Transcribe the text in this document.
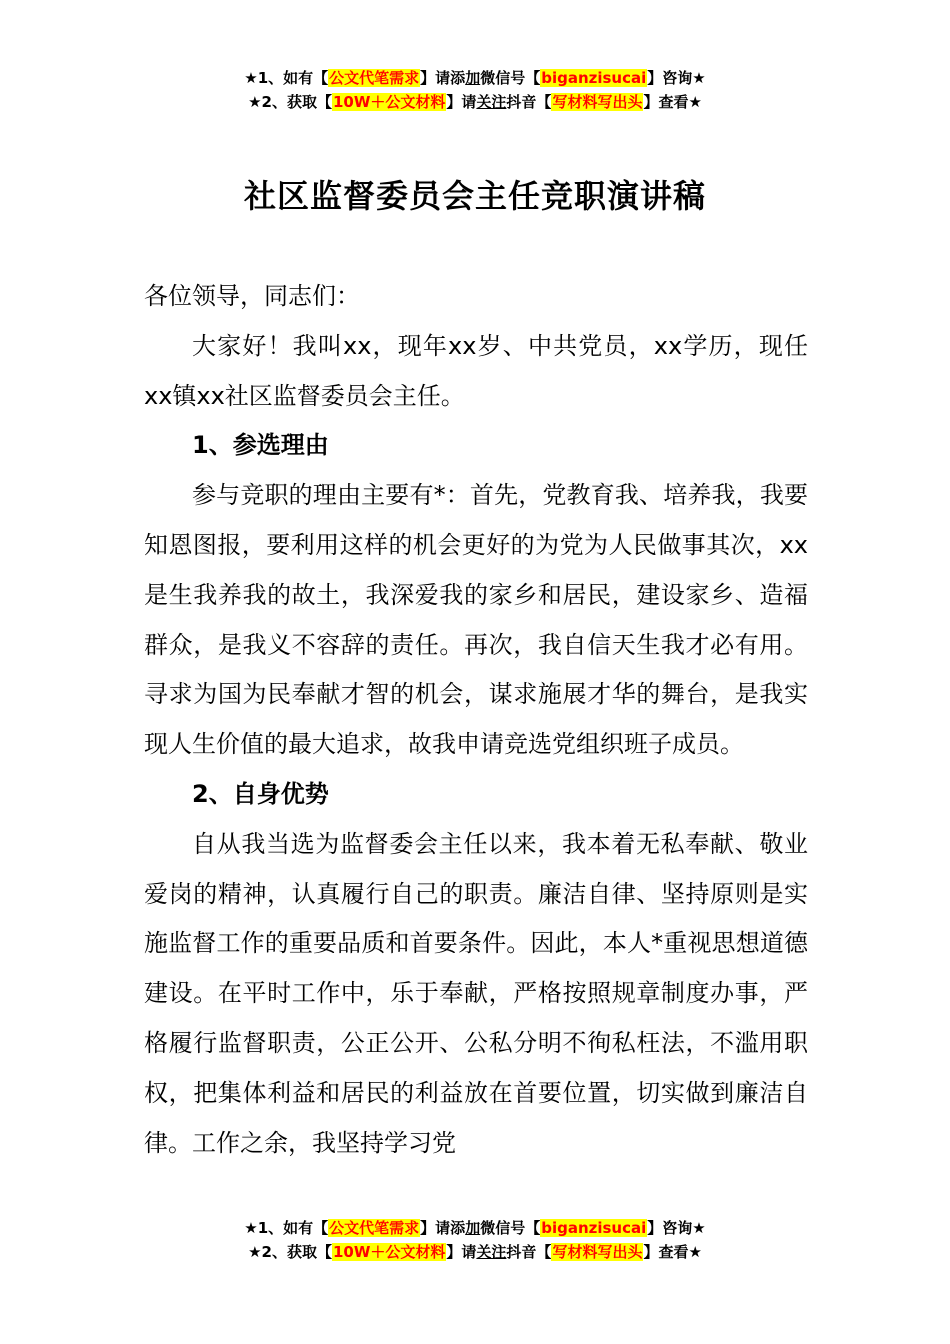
★1、如有【公文代笔需求】请添加微信号【biganzisucai】咨询★
★2、获取【10W＋公文材料】请关注抖音【写材料写出头】查看★
社区监督委员会主任竞职演讲稿

各位领导，同志们：

大家好！我叫xx，现年xx岁、中共党员，xx学历，现任xx镇xx社区监督委员会主任。

1、参选理由

参与竞职的理由主要有*：首先，党教育我、培养我，我要知恩图报，要利用这样的机会更好的为党为人民做事其次，xx是生我养我的故土，我深爱我的家乡和居民，建设家乡、造福群众，是我义不容辞的责任。再次，我自信天生我才必有用。寻求为国为民奉献才智的机会，谋求施展才华的舞台，是我实现人生价值的最大追求，故我申请竞选党组织班子成员。

2、自身优势

自从我当选为监督委会主任以来，我本着无私奉献、敬业爱岗的精神，认真履行自己的职责。廉洁自律、坚持原则是实施监督工作的重要品质和首要条件。因此，本人*重视思想道德建设。在平时工作中，乐于奉献，严格按照规章制度办事，严格履行监督职责，公正公开、公私分明不徇私枉法，不滥用职权，把集体利益和居民的利益放在首要位置，切实做到廉洁自律。工作之余，我坚持学习党

★1、如有【公文代笔需求】请添加微信号【biganzisucai】咨询★
★2、获取【10W＋公文材料】请关注抖音【写材料写出头】查看★
